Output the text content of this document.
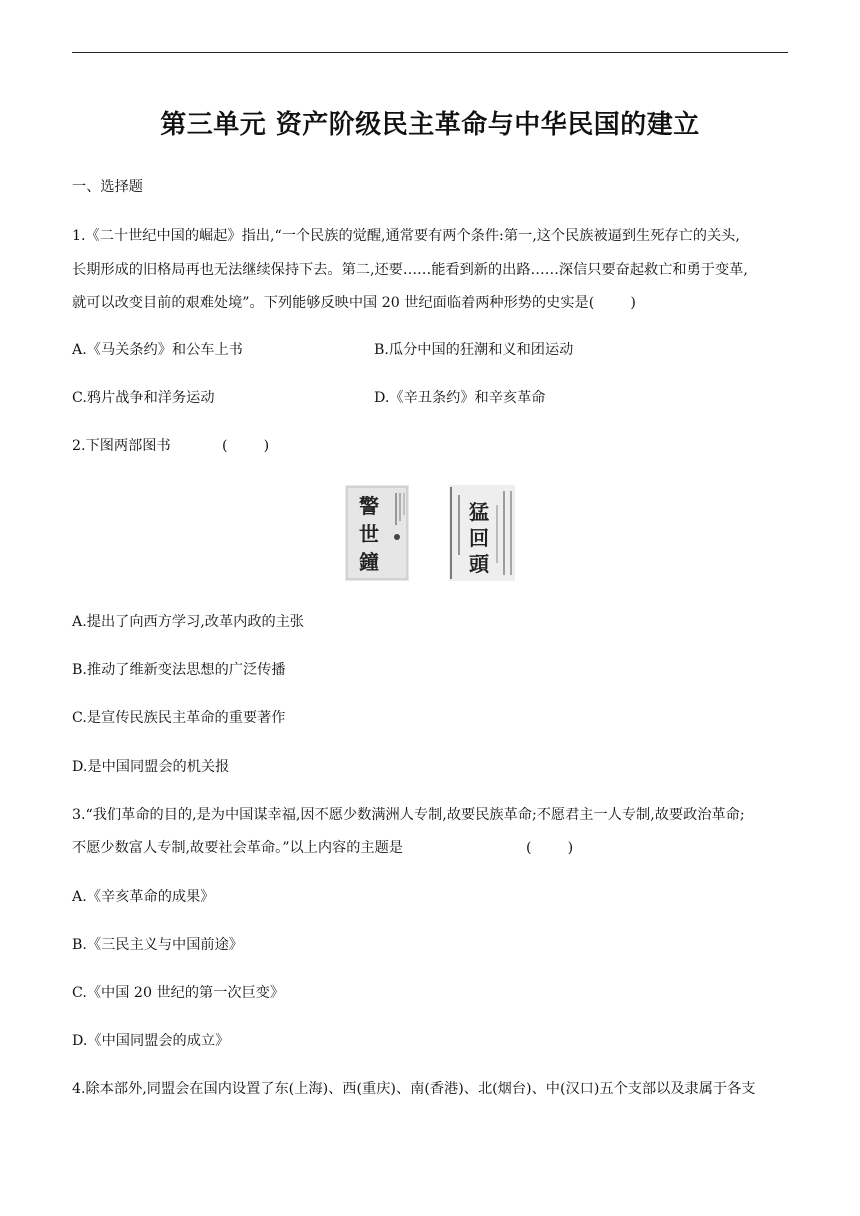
第三单元 资产阶级民主革命与中华民国的建立
一、选择题
1.《二十世纪中国的崛起》指出,“一个民族的觉醒,通常要有两个条件:第一,这个民族被逼到生死存亡的关头,
长期形成的旧格局再也无法继续保持下去。第二,还要……能看到新的出路……深信只要奋起救亡和勇于变革,
就可以改变目前的艰难处境”。下列能够反映中国 20 世纪面临着两种形势的史实是(        )
A.《马关条约》和公车上书	B.瓜分中国的狂潮和义和团运动
C.鸦片战争和洋务运动	D.《辛丑条约》和辛亥革命
2.下图两部图书	(        )
警
世
鐘
猛
回
頭
A.提出了向西方学习,改革内政的主张
B.推动了维新变法思想的广泛传播
C.是宣传民族民主革命的重要著作
D.是中国同盟会的机关报
3.“我们革命的目的,是为中国谋幸福,因不愿少数满洲人专制,故要民族革命;不愿君主一人专制,故要政治革命;
不愿少数富人专制,故要社会革命。”以上内容的主题是	(        )
A.《辛亥革命的成果》
B.《三民主义与中国前途》
C.《中国 20 世纪的第一次巨变》
D.《中国同盟会的成立》
4.除本部外,同盟会在国内设置了东(上海)、西(重庆)、南(香港)、北(烟台)、中(汉口)五个支部以及隶属于各支
